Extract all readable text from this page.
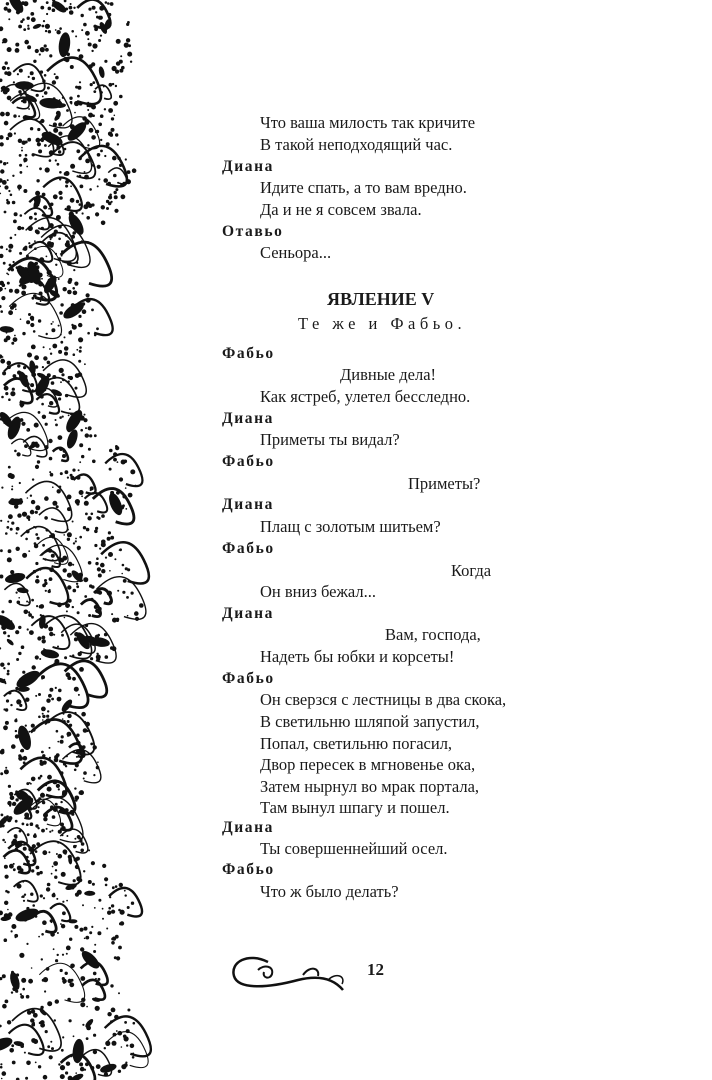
Что ваша милость так кричите
В такой неподходящий час.
Диана
Идите спать, а то вам вредно.
Да и не я совсем звала.
Отавьо
Сеньора...
ЯВЛЕНИЕ V
Те же и Фабьо.
Фабьо
Дивные дела!
Как ястреб, улетел бесследно.
Диана
Приметы ты видал?
Фабьо
Приметы?
Диана
Плащ с золотым шитьем?
Фабьо
Когда
Он вниз бежал...
Диана
Вам, господа,
Надеть бы юбки и корсеты!
Фабьо
Он сверзся с лестницы в два скока,
В светильню шляпой запустил,
Попал, светильню погасил,
Двор пересек в мгновенье ока,
Затем нырнул во мрак портала,
Там вынул шпагу и пошел.
Диана
Ты совершеннейший осел.
Фабьо
Что ж было делать?
12
